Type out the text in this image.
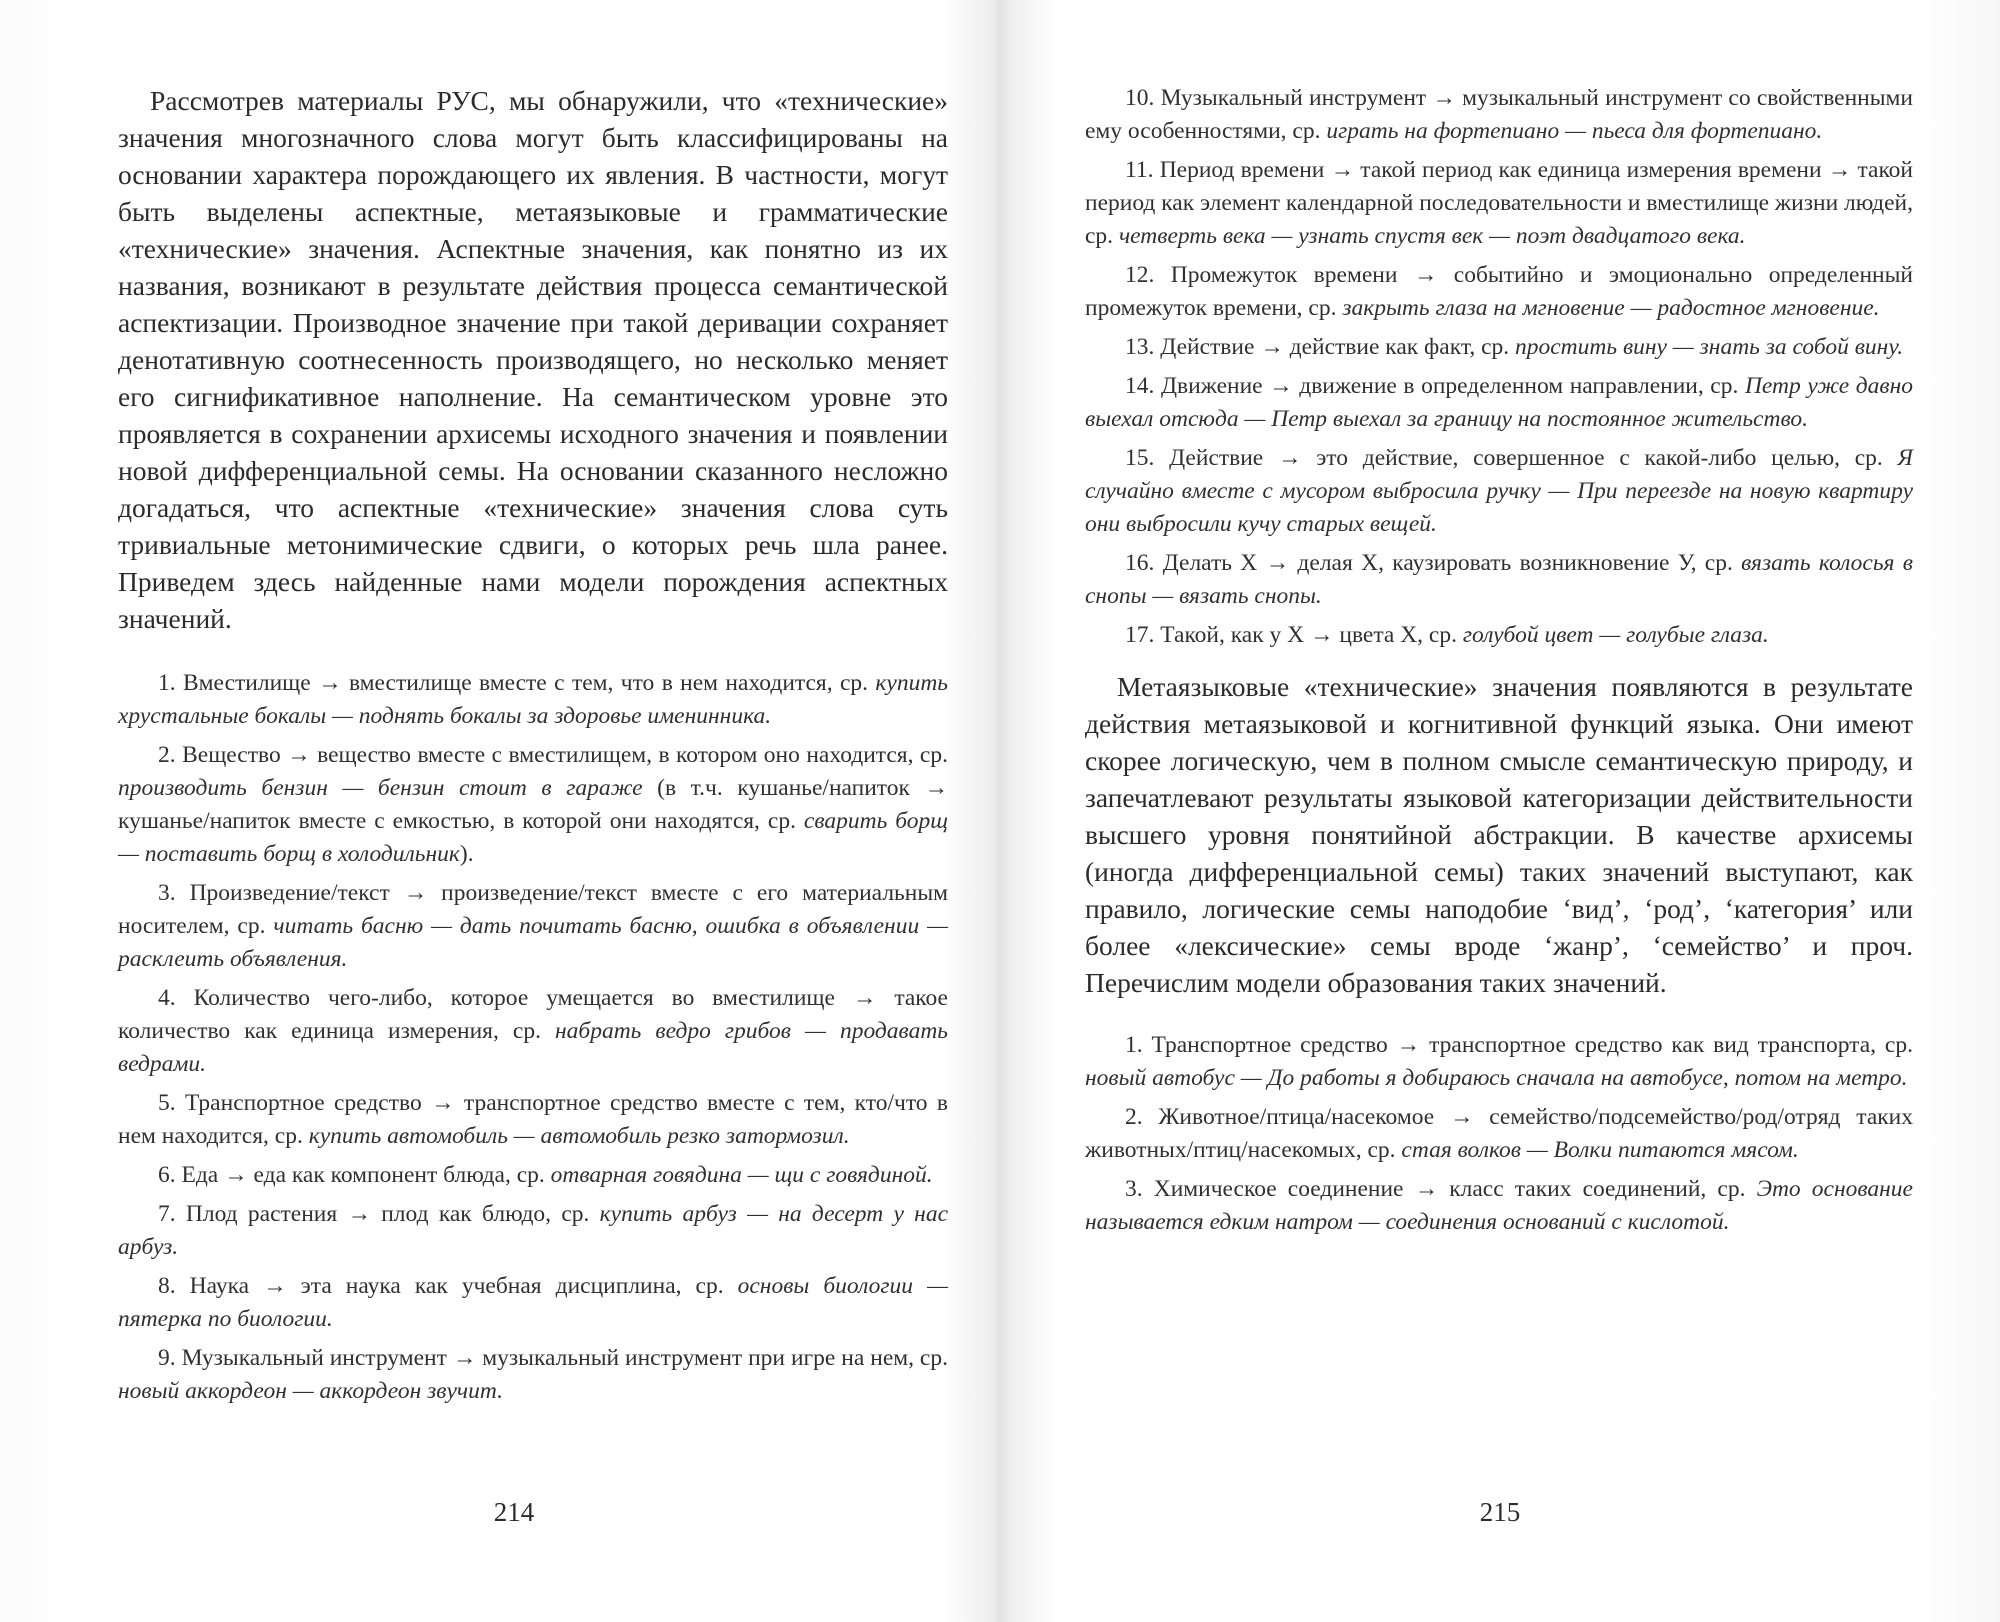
Рассмотрев материалы РУС, мы обнаружили, что «технические» значения многозначного слова могут быть классифицированы на основании характера порождающего их явления. В частности, могут быть выделены аспектные, метаязыковые и грамматические «технические» значения. Аспектные значения, как понятно из их названия, возникают в результате действия процесса семантической аспектизации. Производное значение при такой деривации сохраняет денотативную соотнесенность производящего, но несколько меняет его сигнификативное наполнение. На семантическом уровне это проявляется в сохранении архисемы исходного значения и появлении новой дифференциальной семы. На основании сказанного несложно догадаться, что аспектные «технические» значения слова суть тривиальные метонимические сдвиги, о которых речь шла ранее. Приведем здесь найденные нами модели порождения аспектных значений.

1. Вместилище → вместилище вместе с тем, что в нем находится, ср. купить хрустальные бокалы — поднять бокалы за здоровье именинника.

2. Вещество → вещество вместе с вместилищем, в котором оно находится, ср. производить бензин — бензин стоит в гараже (в т.ч. кушанье/напиток → кушанье/напиток вместе с емкостью, в которой они находятся, ср. сварить борщ — поставить борщ в холодильник).

3. Произведение/текст → произведение/текст вместе с его материальным носителем, ср. читать басню — дать почитать басню, ошибка в объявлении — расклеить объявления.

4. Количество чего-либо, которое умещается во вместилище → такое количество как единица измерения, ср. набрать ведро грибов — продавать ведрами.

5. Транспортное средство → транспортное средство вместе с тем, кто/что в нем находится, ср. купить автомобиль — автомобиль резко затормозил.

6. Еда → еда как компонент блюда, ср. отварная говядина — щи с говядиной.

7. Плод растения → плод как блюдо, ср. купить арбуз — на десерт у нас арбуз.

8. Наука → эта наука как учебная дисциплина, ср. основы биологии — пятерка по биологии.

9. Музыкальный инструмент → музыкальный инструмент при игре на нем, ср. новый аккордеон — аккордеон звучит.

10. Музыкальный инструмент → музыкальный инструмент со свойственными ему особенностями, ср. играть на фортепиано — пьеса для фортепиано.

11. Период времени → такой период как единица измерения времени → такой период как элемент календарной последовательности и вместилище жизни людей, ср. четверть века — узнать спустя век — поэт двадцатого века.

12. Промежуток времени → событийно и эмоционально определенный промежуток времени, ср. закрыть глаза на мгновение — радостное мгновение.

13. Действие → действие как факт, ср. простить вину — знать за собой вину.

14. Движение → движение в определенном направлении, ср. Петр уже давно выехал отсюда — Петр выехал за границу на постоянное жительство.

15. Действие → это действие, совершенное с какой-либо целью, ср. Я случайно вместе с мусором выбросила ручку — При переезде на новую квартиру они выбросили кучу старых вещей.

16. Делать Х → делая Х, каузировать возникновение У, ср. вязать колосья в снопы — вязать снопы.

17. Такой, как у Х → цвета Х, ср. голубой цвет — голубые глаза.

Метаязыковые «технические» значения появляются в результате действия метаязыковой и когнитивной функций языка. Они имеют скорее логическую, чем в полном смысле семантическую природу, и запечатлевают результаты языковой категоризации действительности высшего уровня понятийной абстракции. В качестве архисемы (иногда дифференциальной семы) таких значений выступают, как правило, логические семы наподобие ‘вид’, ‘род’, ‘категория’ или более «лексические» семы вроде ‘жанр’, ‘семейство’ и проч. Перечислим модели образования таких значений.

1. Транспортное средство → транспортное средство как вид транспорта, ср. новый автобус — До работы я добираюсь сначала на автобусе, потом на метро.

2. Животное/птица/насекомое → семейство/подсемейство/род/отряд таких животных/птиц/насекомых, ср. стая волков — Волки питаются мясом.

3. Химическое соединение → класс таких соединений, ср. Это основание называется едким натром — соединения оснований с кислотой.

214	215
